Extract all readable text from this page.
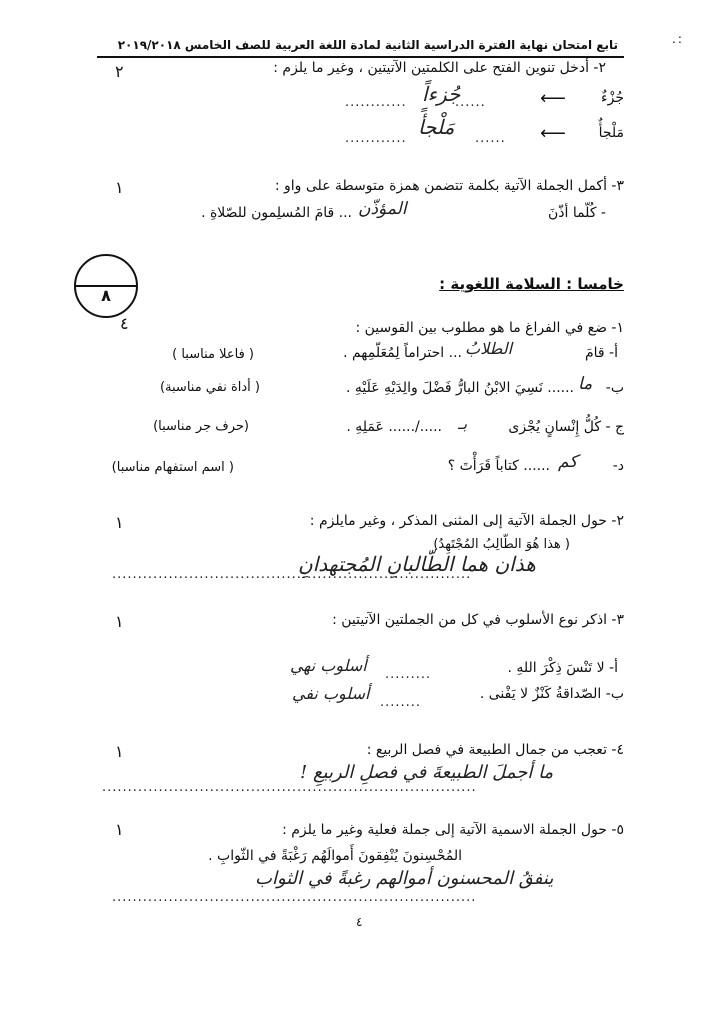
.:
تابع امتحان نهاية الفترة الدراسية الثانية لمادة اللغة العربية للصف الخامس ٢٠١٩/٢٠١٨
٢- أدخل تنوين الفتح على الكلمتين الآتيتين ، وغير ما يلزم :
٢
جُزْءٌ
⟵
......
جُزءاً
............
مَلْجأٌ
⟵
......
مَلْجأً
............
٣- أكمل الجملة الآتية بكلمة تتضمن همزة متوسطة على واو :
١
- كُلّما أذّنَ
المؤذّن
... قامَ المُسلِمون للصّلاةِ .
٨
خامسا : السلامة اللغوية :
١- ضع في الفراغ ما هو مطلوب بين القوسين :
٤
أ- قامَ
الطلابُ
... احتراماً لِمُعَلّمِهم .
( فاعلا مناسبا )
ب-
ما
...... نَسِيَ الابْنُ البارُّ فَضْلَ والِدَيْهِ عَلَيْهِ .
( أداة نفي مناسبة)
ج - كُلُّ إِنْسانٍ يُجْزى
بـ
...../...... عَمَلِهِ .
(حرف جر مناسبا)
د-
كم
...... كتاباً قَرَأْتَ ؟
( اسم استفهام مناسبا)
٢- حول الجملة الآتية إلى المثنى المذكر ، وغير مايلزم :
١
( هذا هُوَ الطّالِبُ المُجْتَهِدُ)
......................................................................
هذان هما الطّالبانِ المُجتهدانِ
٣- اذكر نوع الأسلوب في كل من الجملتين الآتيتين :
١
أ- لا تَنْسَ ذِكْرَ اللهِ .
.........
أسلوب نهي
ب- الصّداقةُ كَنْزٌ لا يَفْنى .
........
أسلوب نفي
٤- تعجب من جمال الطبيعة في فصل الربيع :
١
.........................................................................
ما أجملَ الطبيعةَ في فصلِ الربيعِ !
٥- حول الجملة الاسمية الآتية إلى جملة فعلية وغير ما يلزم :
١
المُحْسِنونَ يُنْفِقونَ أَموالَهُم رَغْبَةً في الثّوابِ .
.......................................................................
ينفقُ المحسنون أموالهم رغبةً في الثواب
٤
